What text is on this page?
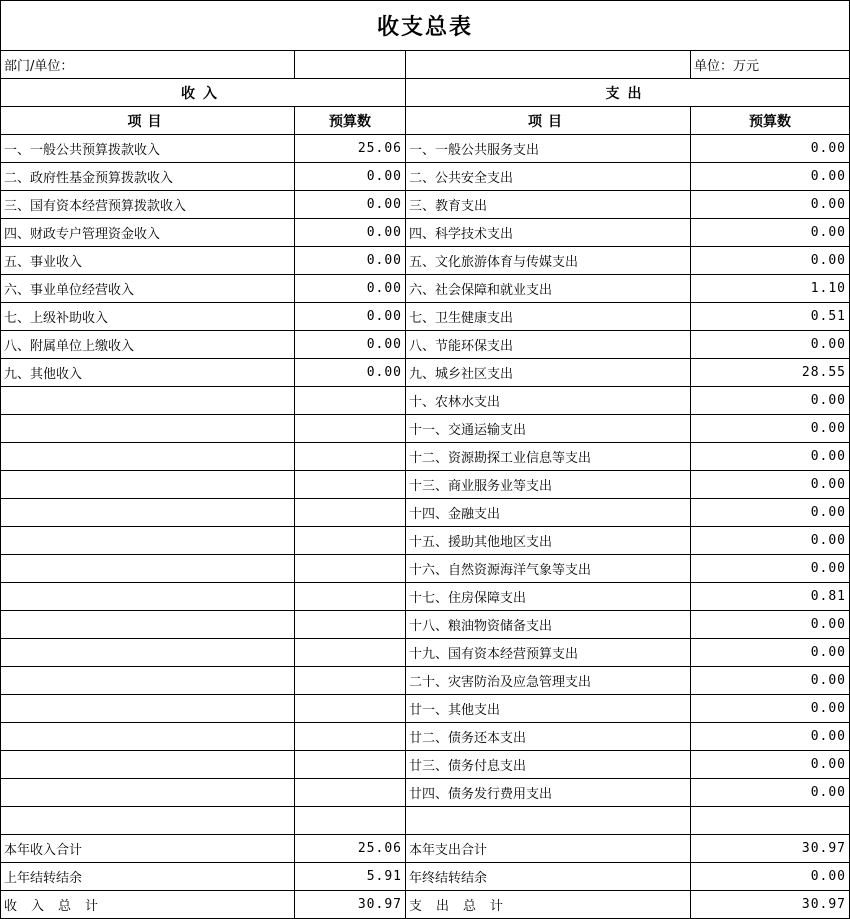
收支总表			
部门/单位：			单位：万元
收入		支出	
项目	预算数	项目	预算数
一、一般公共预算拨款收入	25.06	一、一般公共服务支出	0.00
二、政府性基金预算拨款收入	0.00	二、公共安全支出	0.00
三、国有资本经营预算拨款收入	0.00	三、教育支出	0.00
四、财政专户管理资金收入	0.00	四、科学技术支出	0.00
五、事业收入	0.00	五、文化旅游体育与传媒支出	0.00
六、事业单位经营收入	0.00	六、社会保障和就业支出	1.10
七、上级补助收入	0.00	七、卫生健康支出	0.51
八、附属单位上缴收入	0.00	八、节能环保支出	0.00
九、其他收入	0.00	九、城乡社区支出	28.55
		十、农林水支出	0.00
		十一、交通运输支出	0.00
		十二、资源勘探工业信息等支出	0.00
		十三、商业服务业等支出	0.00
		十四、金融支出	0.00
		十五、援助其他地区支出	0.00
		十六、自然资源海洋气象等支出	0.00
		十七、住房保障支出	0.81
		十八、粮油物资储备支出	0.00
		十九、国有资本经营预算支出	0.00
		二十、灾害防治及应急管理支出	0.00
		廿一、其他支出	0.00
		廿二、债务还本支出	0.00
		廿三、债务付息支出	0.00
		廿四、债务发行费用支出	0.00

本年收入合计	25.06	本年支出合计	30.97
上年结转结余	5.91	年终结转结余	0.00
收入总计	30.97	支出总计	30.97
